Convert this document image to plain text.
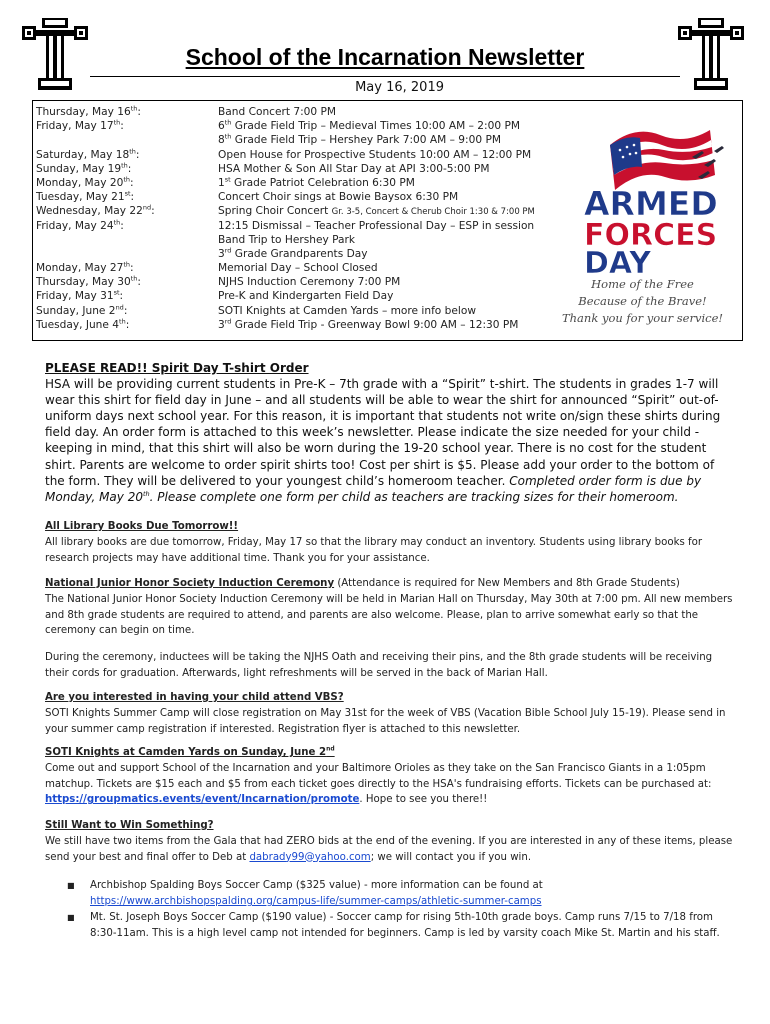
School of the Incarnation Newsletter
May 16, 2019
Thursday, May 16th:	Band Concert 7:00 PM
Friday, May 17th:	6th Grade Field Trip – Medieval Times 10:00 AM – 2:00 PM
8th Grade Field Trip – Hershey Park 7:00 AM – 9:00 PM
Saturday, May 18th:	Open House for Prospective Students 10:00 AM – 12:00 PM
Sunday, May 19th:	HSA Mother & Son All Star Day at API 3:00-5:00 PM
Monday, May 20th:	1st Grade Patriot Celebration 6:30 PM
Tuesday, May 21st:	Concert Choir sings at Bowie Baysox 6:30 PM
Wednesday, May 22nd:	Spring Choir Concert Gr. 3-5, Concert & Cherub Choir 1:30 & 7:00 PM
Friday, May 24th:	12:15 Dismissal – Teacher Professional Day – ESP in session
Band Trip to Hershey Park
3rd Grade Grandparents Day
Monday, May 27th:	Memorial Day – School Closed
Thursday, May 30th:	NJHS Induction Ceremony 7:00 PM
Friday, May 31st:	Pre-K and Kindergarten Field Day
Sunday, June 2nd:	SOTI Knights at Camden Yards – more info below
Tuesday, June 4th:	3rd Grade Field Trip - Greenway Bowl 9:00 AM – 12:30 PM
ARMED
FORCES
DAY
Home of the Free
Because of the Brave!
Thank you for your service!
PLEASE READ!! Spirit Day T-shirt Order
HSA will be providing current students in Pre-K – 7th grade with a “Spirit” t-shirt. The students in grades 1-7 will wear this shirt for field day in June – and all students will be able to wear the shirt for announced “Spirit” out-of-uniform days next school year. For this reason, it is important that students not write on/sign these shirts during field day. An order form is attached to this week’s newsletter. Please indicate the size needed for your child - keeping in mind, that this shirt will also be worn during the 19-20 school year. There is no cost for the student shirt. Parents are welcome to order spirit shirts too! Cost per shirt is $5. Please add your order to the bottom of the form. They will be delivered to your youngest child’s homeroom teacher. Completed order form is due by Monday, May 20th. Please complete one form per child as teachers are tracking sizes for their homeroom.
All Library Books Due Tomorrow!!
All library books are due tomorrow, Friday, May 17 so that the library may conduct an inventory. Students using library books for research projects may have additional time. Thank you for your assistance.
National Junior Honor Society Induction Ceremony (Attendance is required for New Members and 8th Grade Students)
The National Junior Honor Society Induction Ceremony will be held in Marian Hall on Thursday, May 30th at 7:00 pm. All new members and 8th grade students are required to attend, and parents are also welcome. Please, plan to arrive somewhat early so that the ceremony can begin on time.
During the ceremony, inductees will be taking the NJHS Oath and receiving their pins, and the 8th grade students will be receiving their cords for graduation. Afterwards, light refreshments will be served in the back of Marian Hall.
Are you interested in having your child attend VBS?
SOTI Knights Summer Camp will close registration on May 31st for the week of VBS (Vacation Bible School July 15-19). Please send in your summer camp registration if interested. Registration flyer is attached to this newsletter.
SOTI Knights at Camden Yards on Sunday, June 2nd
Come out and support School of the Incarnation and your Baltimore Orioles as they take on the San Francisco Giants in a 1:05pm matchup. Tickets are $15 each and $5 from each ticket goes directly to the HSA's fundraising efforts. Tickets can be purchased at: https://groupmatics.events/event/Incarnation/promote. Hope to see you there!!
Still Want to Win Something?
We still have two items from the Gala that had ZERO bids at the end of the evening. If you are interested in any of these items, please send your best and final offer to Deb at dabrady99@yahoo.com; we will contact you if you win.
■ Archbishop Spalding Boys Soccer Camp ($325 value) - more information can be found at https://www.archbishopspalding.org/campus-life/summer-camps/athletic-summer-camps
■ Mt. St. Joseph Boys Soccer Camp ($190 value) - Soccer camp for rising 5th-10th grade boys. Camp runs 7/15 to 7/18 from 8:30-11am. This is a high level camp not intended for beginners. Camp is led by varsity coach Mike St. Martin and his staff.
